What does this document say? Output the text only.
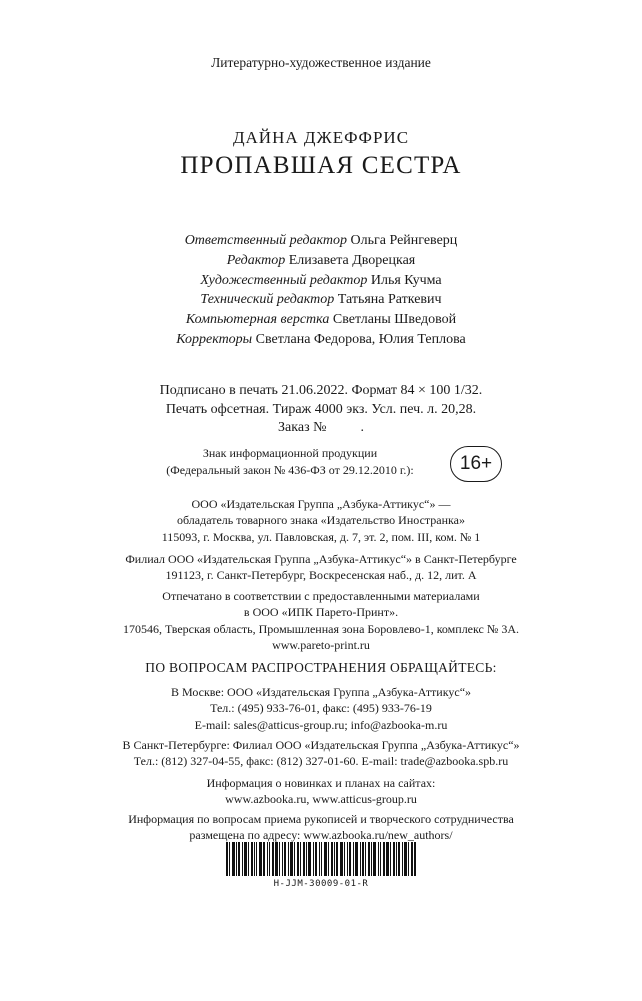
Литературно-художественное издание
ДАЙНА ДЖЕФФРИС
ПРОПАВШАЯ СЕСТРА
Ответственный редактор Ольга Рейнгеверц
Редактор Елизавета Дворецкая
Художественный редактор Илья Кучма
Технический редактор Татьяна Раткевич
Компьютерная верстка Светланы Шведовой
Корректоры Светлана Федорова, Юлия Теплова
Подписано в печать 21.06.2022. Формат 84 × 100 1/32.
Печать офсетная. Тираж 4000 экз. Усл. печ. л. 20,28.
Заказ № .
Знак информационной продукции
(Федеральный закон № 436-ФЗ от 29.12.2010 г.):	16+
ООО «Издательская Группа „Азбука-Аттикус“» —
обладатель товарного знака «Издательство Иностранка»
115093, г. Москва, ул. Павловская, д. 7, эт. 2, пом. III, ком. № 1
Филиал ООО «Издательская Группа „Азбука-Аттикус“» в Санкт-Петербурге
191123, г. Санкт-Петербург, Воскресенская наб., д. 12, лит. А
Отпечатано в соответствии с предоставленными материалами
в ООО «ИПК Парето-Принт».
170546, Тверская область, Промышленная зона Боровлево-1, комплекс № 3А.
www.pareto-print.ru
ПО ВОПРОСАМ РАСПРОСТРАНЕНИЯ ОБРАЩАЙТЕСЬ:
В Москве: ООО «Издательская Группа „Азбука-Аттикус“»
Тел.: (495) 933-76-01, факс: (495) 933-76-19
E-mail: sales@atticus-group.ru; info@azbooka-m.ru
В Санкт-Петербурге: Филиал ООО «Издательская Группа „Азбука-Аттикус“»
Тел.: (812) 327-04-55, факс: (812) 327-01-60. E-mail: trade@azbooka.spb.ru
Информация о новинках и планах на сайтах:
www.azbooka.ru, www.atticus-group.ru
Информация по вопросам приема рукописей и творческого сотрудничества
размещена по адресу: www.azbooka.ru/new_authors/
Н-ЈЈМ-30009-01-R
